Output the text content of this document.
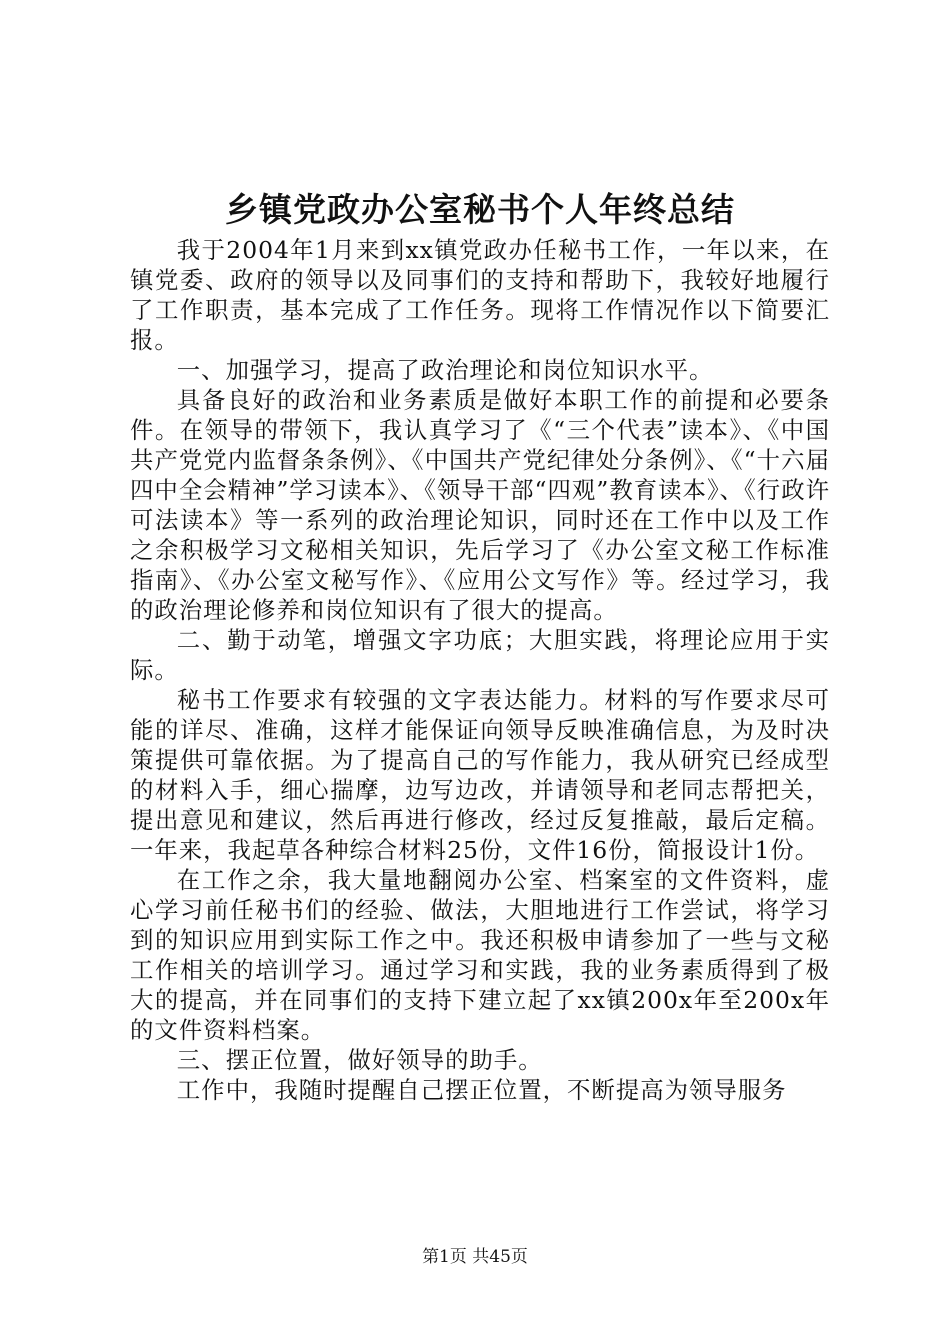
乡镇党政办公室秘书个人年终总结

我于2004年1月来到xx镇党政办任秘书工作，一年以来，在镇党委、政府的领导以及同事们的支持和帮助下，我较好地履行了工作职责，基本完成了工作任务。现将工作情况作以下简要汇报。

一、加强学习，提高了政治理论和岗位知识水平。

具备良好的政治和业务素质是做好本职工作的前提和必要条件。在领导的带领下，我认真学习了《“三个代表”读本》、《中国共产党党内监督条条例》、《中国共产党纪律处分条例》、《“十六届四中全会精神”学习读本》、《领导干部“四观”教育读本》、《行政许可法读本》等一系列的政治理论知识，同时还在工作中以及工作之余积极学习文秘相关知识，先后学习了《办公室文秘工作标准指南》、《办公室文秘写作》、《应用公文写作》等。经过学习，我的政治理论修养和岗位知识有了很大的提高。

二、勤于动笔，增强文字功底；大胆实践，将理论应用于实际。

秘书工作要求有较强的文字表达能力。材料的写作要求尽可能的详尽、准确，这样才能保证向领导反映准确信息，为及时决策提供可靠依据。为了提高自己的写作能力，我从研究已经成型的材料入手，细心揣摩，边写边改，并请领导和老同志帮把关，提出意见和建议，然后再进行修改，经过反复推敲，最后定稿。一年来，我起草各种综合材料25份，文件16份，简报设计1份。

在工作之余，我大量地翻阅办公室、档案室的文件资料，虚心学习前任秘书们的经验、做法，大胆地进行工作尝试，将学习到的知识应用到实际工作之中。我还积极申请参加了一些与文秘工作相关的培训学习。通过学习和实践，我的业务素质得到了极大的提高，并在同事们的支持下建立起了xx镇200x年至200x年的文件资料档案。

三、摆正位置，做好领导的助手。

工作中，我随时提醒自己摆正位置，不断提高为领导服务

第1页 共45页
